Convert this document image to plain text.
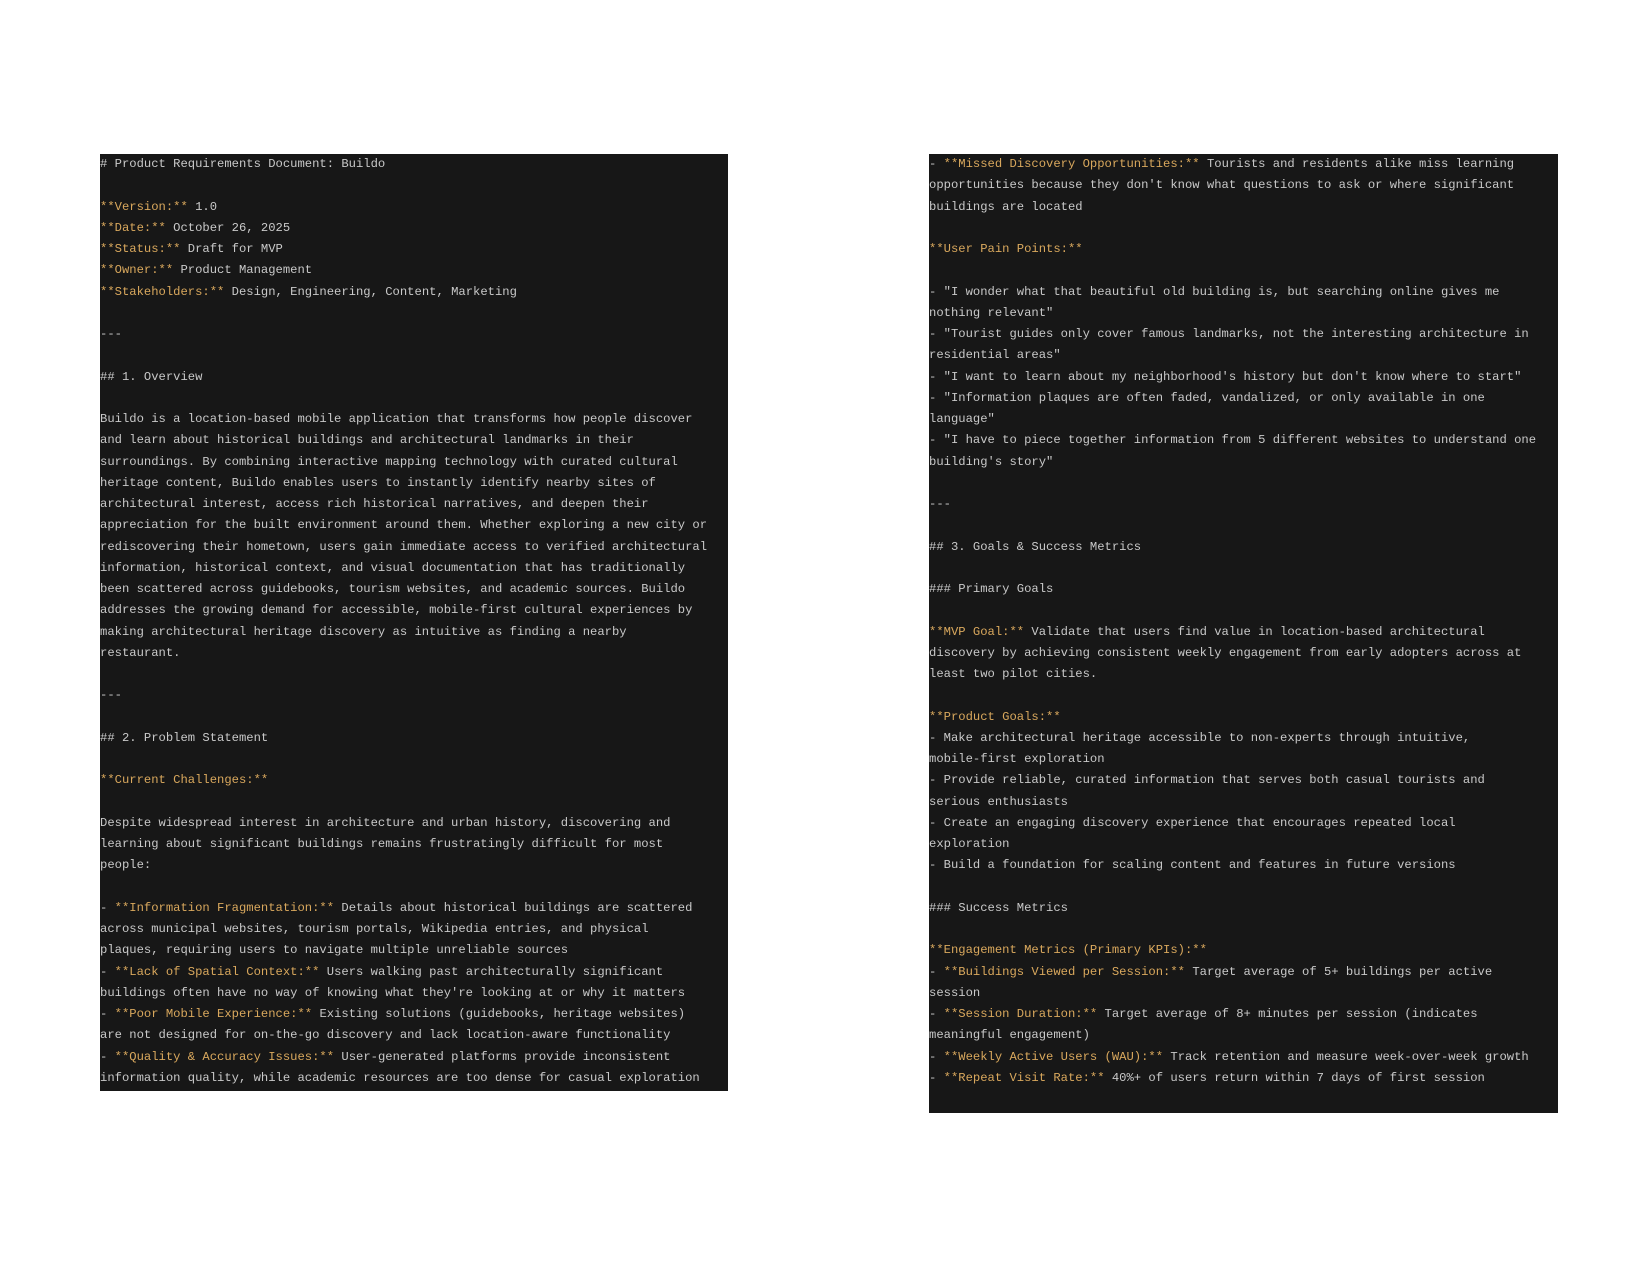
# Product Requirements Document: Buildo ​
​
**Version:** 1.0 ​
**Date:** October 26, 2025 ​
**Status:** Draft for MVP ​
**Owner:** Product Management ​
**Stakeholders:** Design, Engineering, Content, Marketing ​
​
--- ​
​
## 1. Overview ​
​
Buildo is a location-based mobile application that transforms how people discover ​
and learn about historical buildings and architectural landmarks in their ​
surroundings. By combining interactive mapping technology with curated cultural ​
heritage content, Buildo enables users to instantly identify nearby sites of ​
architectural interest, access rich historical narratives, and deepen their ​
appreciation for the built environment around them. Whether exploring a new city or ​
rediscovering their hometown, users gain immediate access to verified architectural ​
information, historical context, and visual documentation that has traditionally ​
been scattered across guidebooks, tourism websites, and academic sources. Buildo ​
addresses the growing demand for accessible, mobile-first cultural experiences by ​
making architectural heritage discovery as intuitive as finding a nearby ​
restaurant. ​
​
--- ​
​
## 2. Problem Statement ​
​
**Current Challenges:** ​
​
Despite widespread interest in architecture and urban history, discovering and ​
learning about significant buildings remains frustratingly difficult for most ​
people: ​
​
- **Information Fragmentation:** Details about historical buildings are scattered ​
across municipal websites, tourism portals, Wikipedia entries, and physical ​
plaques, requiring users to navigate multiple unreliable sources ​
- **Lack of Spatial Context:** Users walking past architecturally significant ​
buildings often have no way of knowing what they're looking at or why it matters ​
- **Poor Mobile Experience:** Existing solutions (guidebooks, heritage websites) ​
are not designed for on-the-go discovery and lack location-aware functionality ​
- **Quality & Accuracy Issues:** User-generated platforms provide inconsistent ​
information quality, while academic resources are too dense for casual exploration ​
- **Missed Discovery Opportunities:** Tourists and residents alike miss learning ​
opportunities because they don't know what questions to ask or where significant ​
buildings are located ​
​
**User Pain Points:** ​
​
- "I wonder what that beautiful old building is, but searching online gives me ​
nothing relevant" ​
- "Tourist guides only cover famous landmarks, not the interesting architecture in ​
residential areas" ​
- "I want to learn about my neighborhood's history but don't know where to start" ​
- "Information plaques are often faded, vandalized, or only available in one ​
language" ​
- "I have to piece together information from 5 different websites to understand one ​
building's story" ​
​
--- ​
​
## 3. Goals & Success Metrics ​
​
### Primary Goals ​
​
**MVP Goal:** Validate that users find value in location-based architectural ​
discovery by achieving consistent weekly engagement from early adopters across at ​
least two pilot cities. ​
​
**Product Goals:** ​
- Make architectural heritage accessible to non-experts through intuitive, ​
mobile-first exploration ​
- Provide reliable, curated information that serves both casual tourists and ​
serious enthusiasts ​
- Create an engaging discovery experience that encourages repeated local ​
exploration ​
- Build a foundation for scaling content and features in future versions ​
​
### Success Metrics ​
​
**Engagement Metrics (Primary KPIs):** ​
- **Buildings Viewed per Session:** Target average of 5+ buildings per active ​
session ​
- **Session Duration:** Target average of 8+ minutes per session (indicates ​
meaningful engagement) ​
- **Weekly Active Users (WAU):** Track retention and measure week-over-week growth ​
- **Repeat Visit Rate:** 40%+ of users return within 7 days of first session ​
